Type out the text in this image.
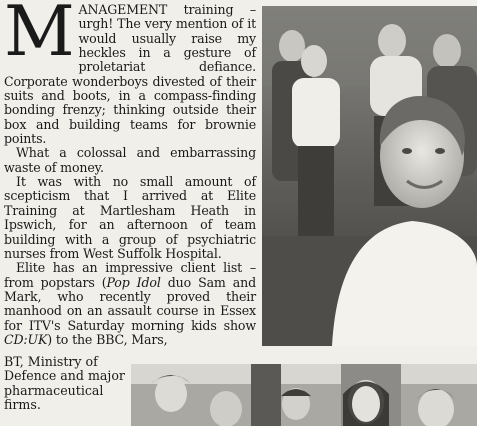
MANAGEMENT training – urgh! The very mention of it would usually raise my heckles in a gesture of proletariat defiance. Corporate wonderboys divested of their suits and boots, in a compass-finding bonding frenzy; thinking outside their box and building teams for brownie points.

What a colossal and embarrassing waste of money.

It was with no small amount of scepticism that I arrived at Elite Training at Martlesham Heath in Ipswich, for an afternoon of team building with a group of psychiatric nurses from West Suffolk Hospital.

Elite has an impressive client list – from popstars (Pop Idol duo Sam and Mark, who recently proved their manhood on an assault course in Essex for ITV's Saturday morning kids show CD:UK) to the BBC, Mars,

BT, Ministry of Defence and major pharmaceutical firms.
